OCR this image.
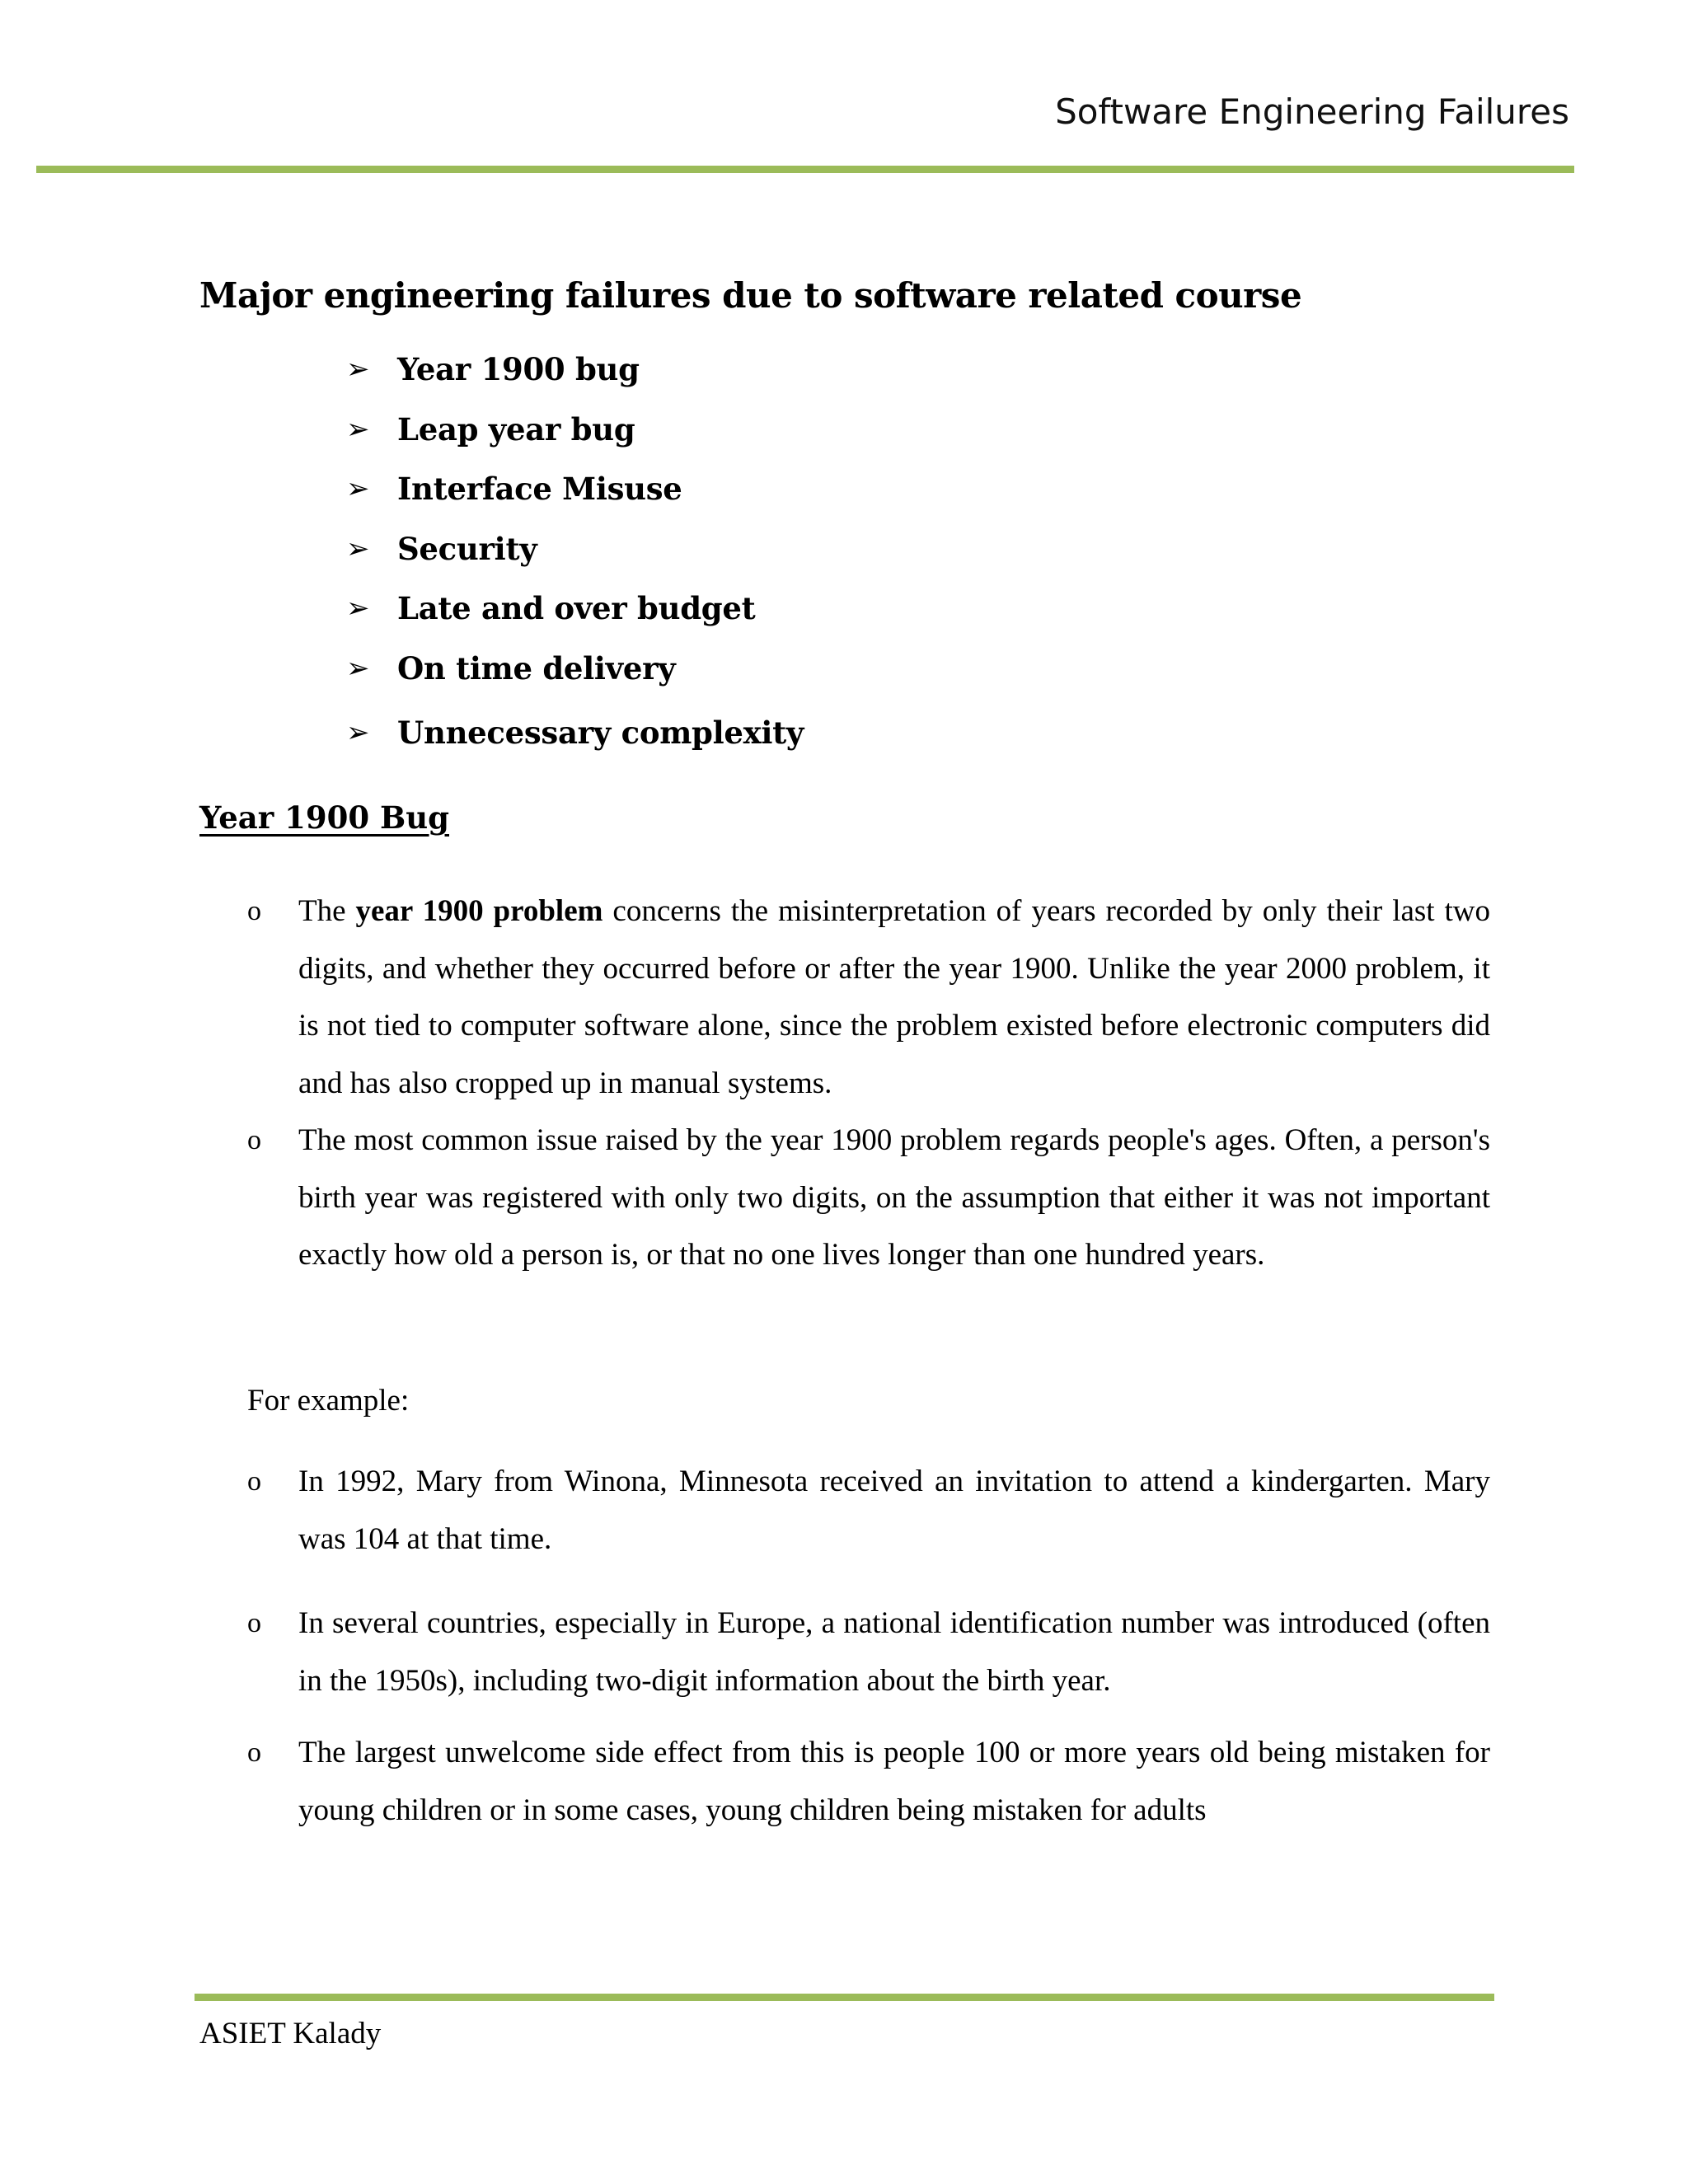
Software Engineering Failures
Major engineering failures due to software related course
➢ Year 1900 bug
➢ Leap year bug
➢ Interface Misuse
➢ Security
➢ Late and over budget
➢ On time delivery
➢ Unnecessary complexity
Year 1900 Bug
o The year 1900 problem concerns the misinterpretation of years recorded by only their last two digits, and whether they occurred before or after the year 1900. Unlike the year 2000 problem, it is not tied to computer software alone, since the problem existed before electronic computers did and has also cropped up in manual systems.
o The most common issue raised by the year 1900 problem regards people's ages. Often, a person's birth year was registered with only two digits, on the assumption that either it was not important exactly how old a person is, or that no one lives longer than one hundred years.
For example:
o In 1992, Mary from Winona, Minnesota received an invitation to attend a kindergarten. Mary was 104 at that time.
o In several countries, especially in Europe, a national identification number was introduced (often in the 1950s), including two-digit information about the birth year.
o The largest unwelcome side effect from this is people 100 or more years old being mistaken for young children or in some cases, young children being mistaken for adults
ASIET Kalady
